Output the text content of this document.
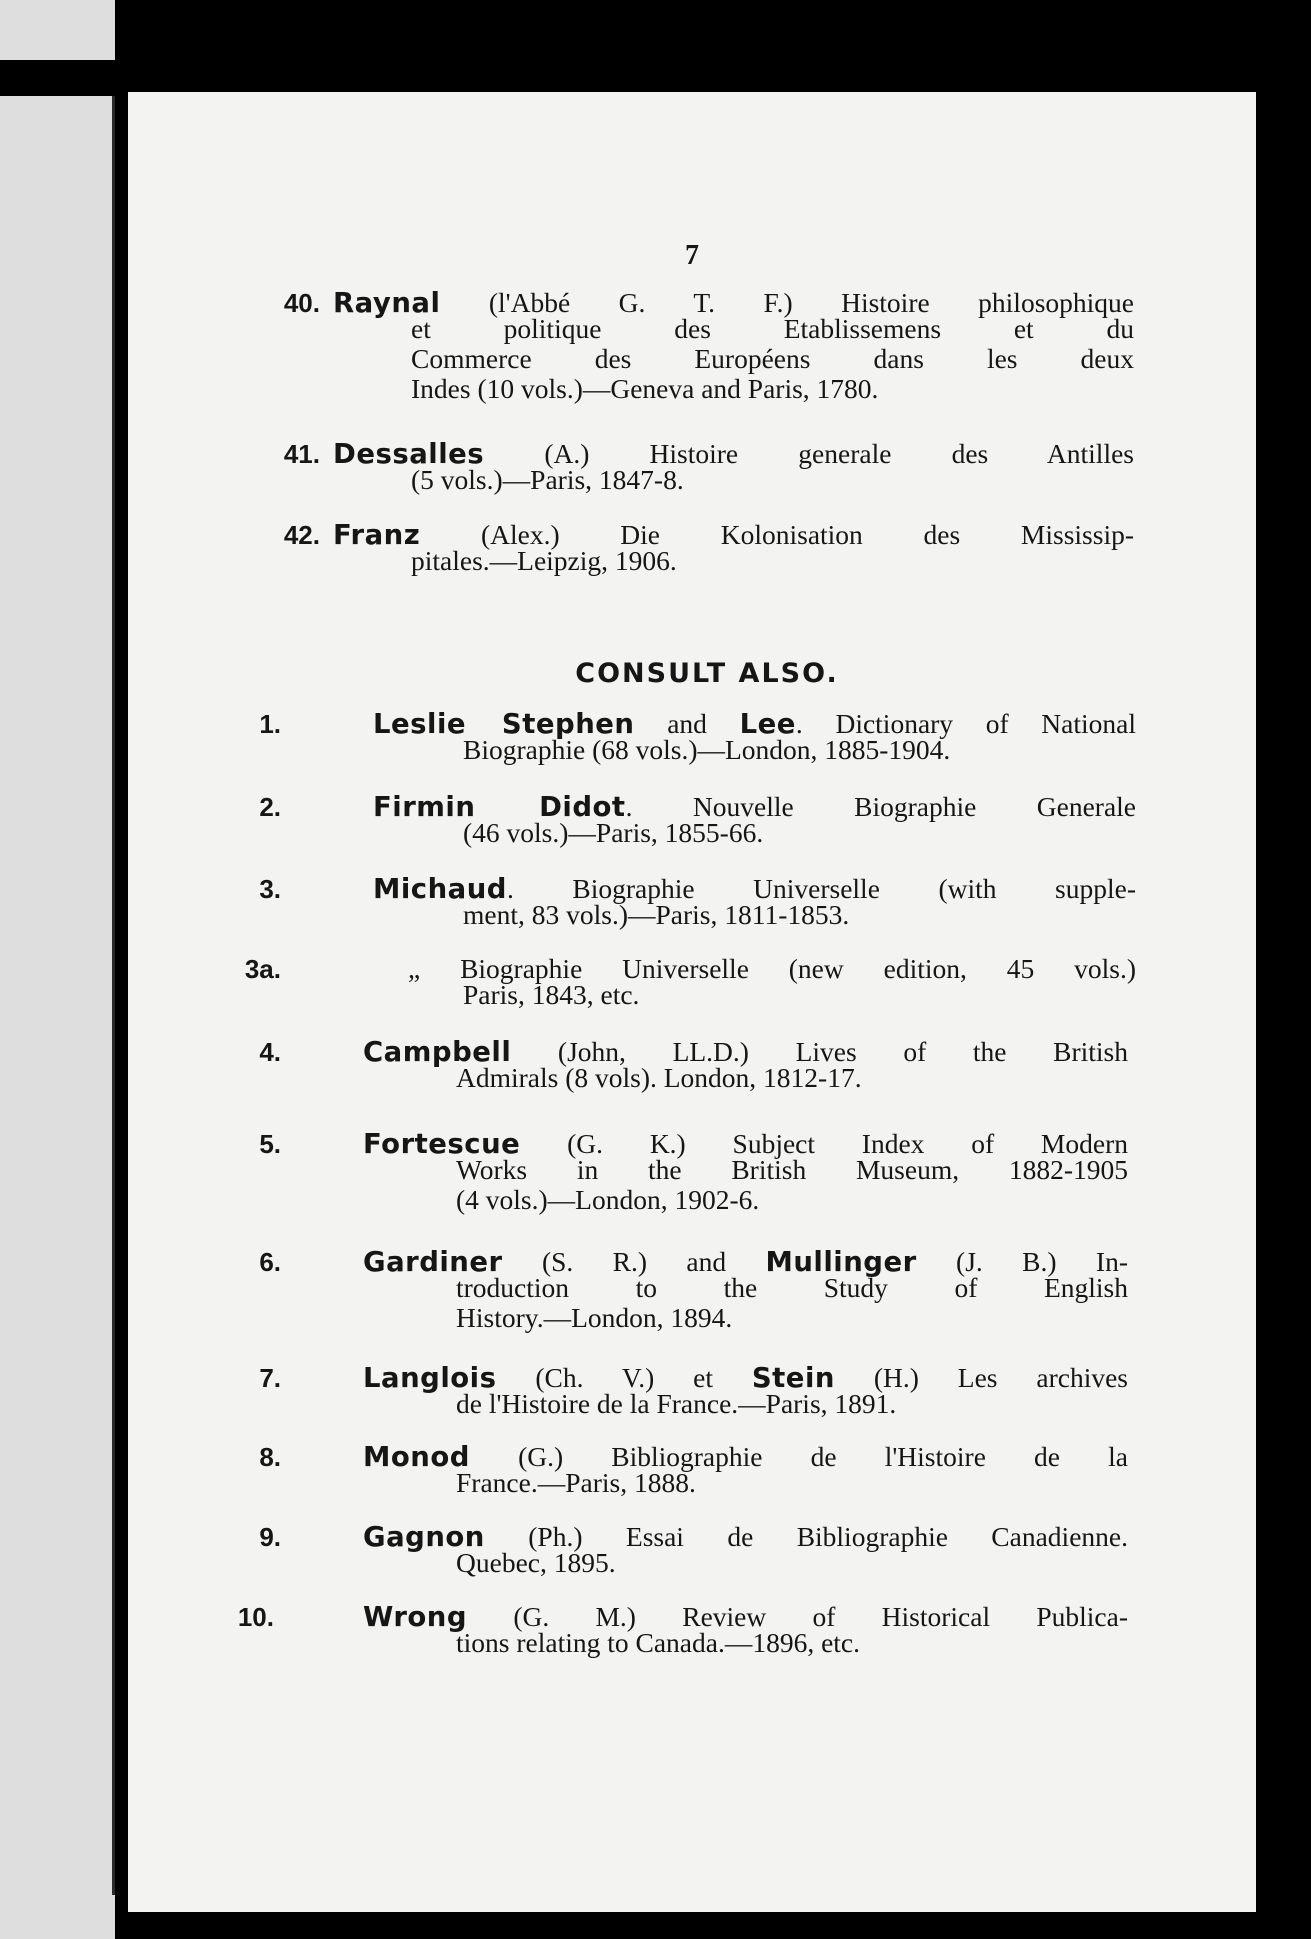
7
40. Raynal (l'Abbé G. T. F.) Histoire philosophique
et politique des Etablissemens et du
Commerce des Européens dans les deux
Indes (10 vols.)—Geneva and Paris, 1780.
41. Dessalles (A.) Histoire generale des Antilles
(5 vols.)—Paris, 1847-8.
42. Franz (Alex.) Die Kolonisation des Mississip-
pitales.—Leipzig, 1906.
CONSULT ALSO.
1.	Leslie Stephen and Lee. Dictionary of National
Biographie (68 vols.)—London, 1885-1904.
2.	Firmin Didot. Nouvelle Biographie Generale
(46 vols.)—Paris, 1855-66.
3.	Michaud. Biographie Universelle (with supple-
ment, 83 vols.)—Paris, 1811-1853.
3a.	„ Biographie Universelle (new edition, 45 vols.)
Paris, 1843, etc.
4.	Campbell (John, LL.D.) Lives of the British
Admirals (8 vols). London, 1812-17.
5.	Fortescue (G. K.) Subject Index of Modern
Works in the British Museum, 1882-1905
(4 vols.)—London, 1902-6.
6.	Gardiner (S. R.) and Mullinger (J. B.) In-
troduction to the Study of English
History.—London, 1894.
7.	Langlois (Ch. V.) et Stein (H.) Les archives
de l'Histoire de la France.—Paris, 1891.
8.	Monod (G.) Bibliographie de l'Histoire de la
France.—Paris, 1888.
9.	Gagnon (Ph.) Essai de Bibliographie Canadienne.
Quebec, 1895.
10.	Wrong (G. M.) Review of Historical Publica-
tions relating to Canada.—1896, etc.
